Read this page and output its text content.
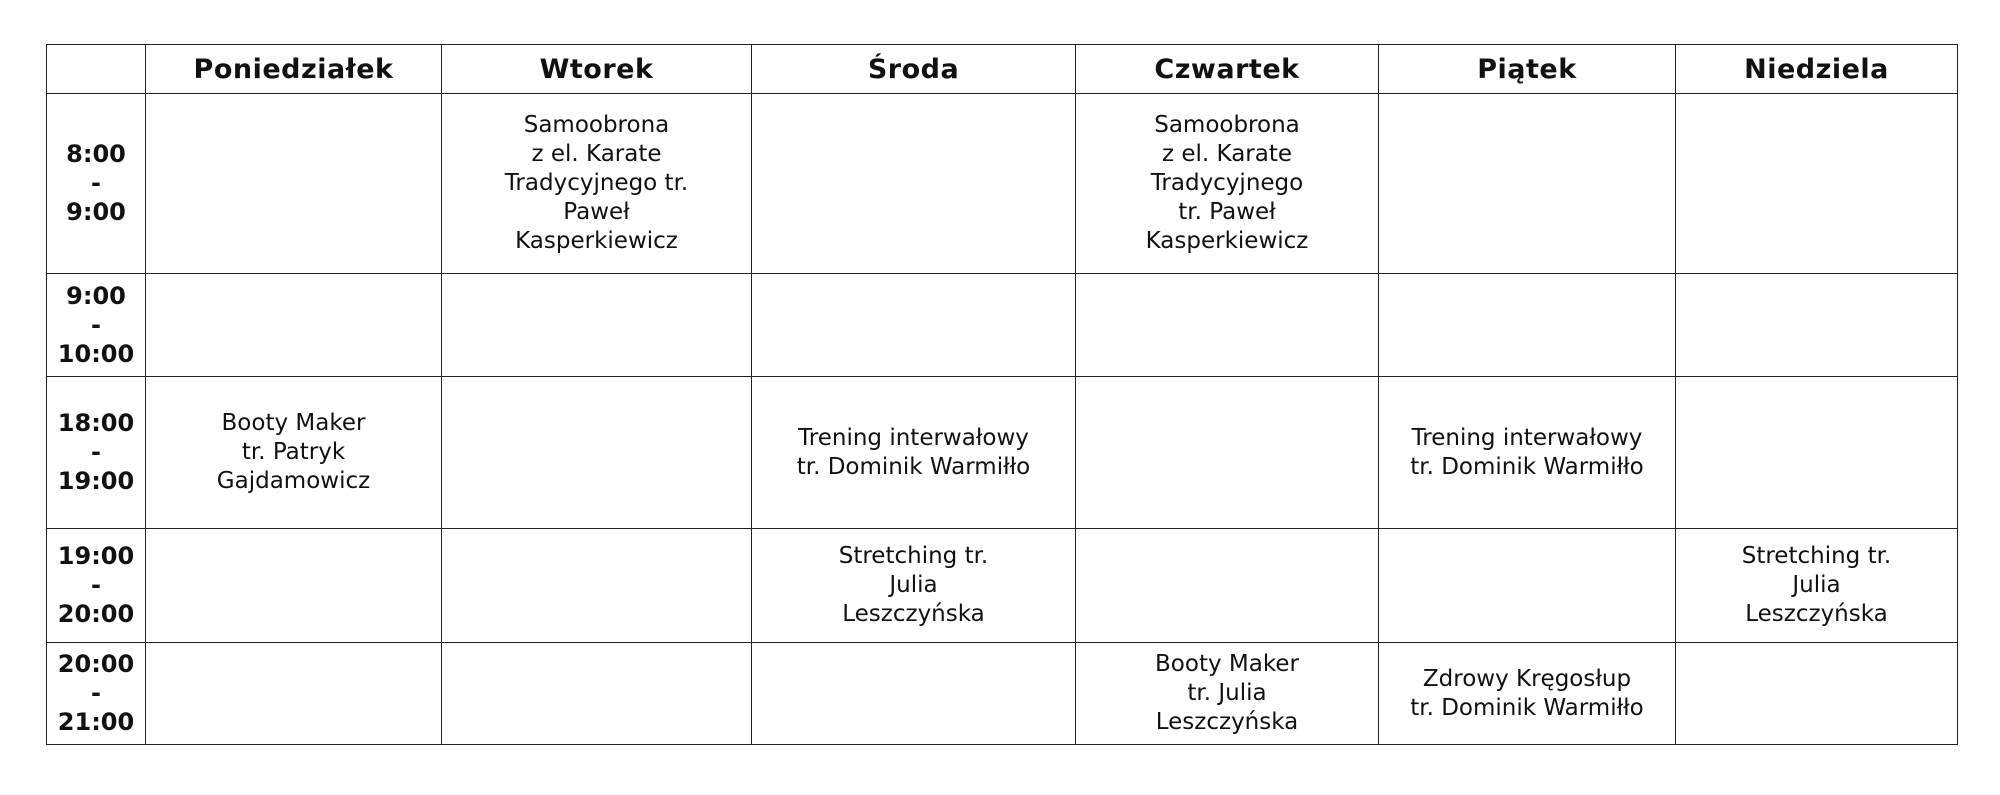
	Poniedziałek	Wtorek	Środa	Czwartek	Piątek	Niedziela

8:00
-
9:00		Samoobrona
z el. Karate
Tradycyjnego tr.
Paweł
Kasperkiewicz		Samoobrona
z el. Karate
Tradycyjnego
tr. Paweł
Kasperkiewicz		

9:00
-
10:00						

18:00
-
19:00	Booty Maker
tr. Patryk
Gajdamowicz		Trening interwałowy
tr. Dominik Warmiłło		Trening interwałowy
tr. Dominik Warmiłło	

19:00
-
20:00			Stretching tr.
Julia
Leszczyńska			Stretching tr.
Julia
Leszczyńska

20:00
-
21:00				Booty Maker
tr. Julia
Leszczyńska	Zdrowy Kręgosłup
tr. Dominik Warmiłło	
